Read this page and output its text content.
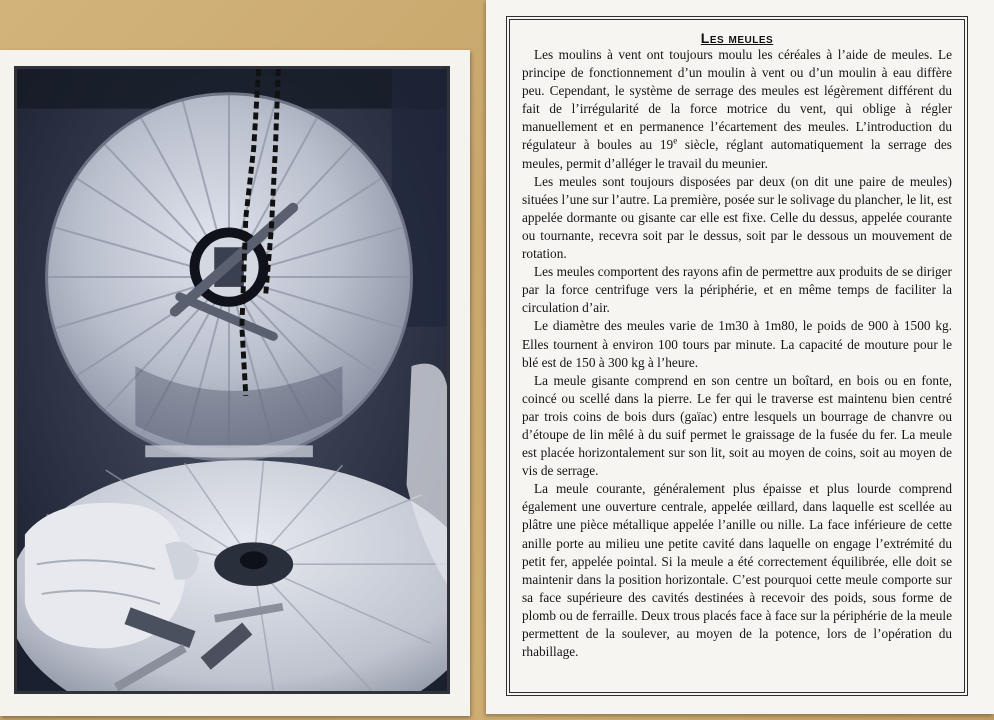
Les meules

Les moulins à vent ont toujours moulu les céréales à l’aide de meules. Le principe de fonctionnement d’un moulin à vent ou d’un moulin à eau diffère peu. Cependant, le système de serrage des meules est légèrement différent du fait de l’irrégularité de la force motrice du vent, qui oblige à régler manuellement et en permanence l’écartement des meules. L’introduction du régulateur à boules au 19e siècle, réglant automatiquement la serrage des meules, permit d’alléger le travail du meunier.

Les meules sont toujours disposées par deux (on dit une paire de meules) situées l’une sur l’autre. La première, posée sur le solivage du plancher, le lit, est appelée dormante ou gisante car elle est fixe. Celle du dessus, appelée courante ou tournante, recevra soit par le dessus, soit par le dessous un mouvement de rotation.

Les meules comportent des rayons afin de permettre aux produits de se diriger par la force centrifuge vers la périphérie, et en même temps de faciliter la circulation d’air.

Le diamètre des meules varie de 1m30 à 1m80, le poids de 900 à 1500 kg. Elles tournent à environ 100 tours par minute. La capacité de mouture pour le blé est de 150 à 300 kg à l’heure.

La meule gisante comprend en son centre un boîtard, en bois ou en fonte, coincé ou scellé dans la pierre. Le fer qui le traverse est maintenu bien centré par trois coins de bois durs (gaïac) entre lesquels un bourrage de chanvre ou d’étoupe de lin mêlé à du suif permet le graissage de la fusée du fer. La meule est placée horizontalement sur son lit, soit au moyen de coins, soit au moyen de vis de serrage.

La meule courante, généralement plus épaisse et plus lourde comprend également une ouverture centrale, appelée œillard, dans laquelle est scellée au plâtre une pièce métallique appelée l’anille ou nille. La face inférieure de cette anille porte au milieu une petite cavité dans laquelle on engage l’extrémité du petit fer, appelée pointal. Si la meule a été correctement équilibrée, elle doit se maintenir dans la position horizontale. C’est pourquoi cette meule comporte sur sa face supérieure des cavités destinées à recevoir des poids, sous forme de plomb ou de ferraille. Deux trous placés face à face sur la périphérie de la meule permettent de la soulever, au moyen de la potence, lors de l’opération du rhabillage.
